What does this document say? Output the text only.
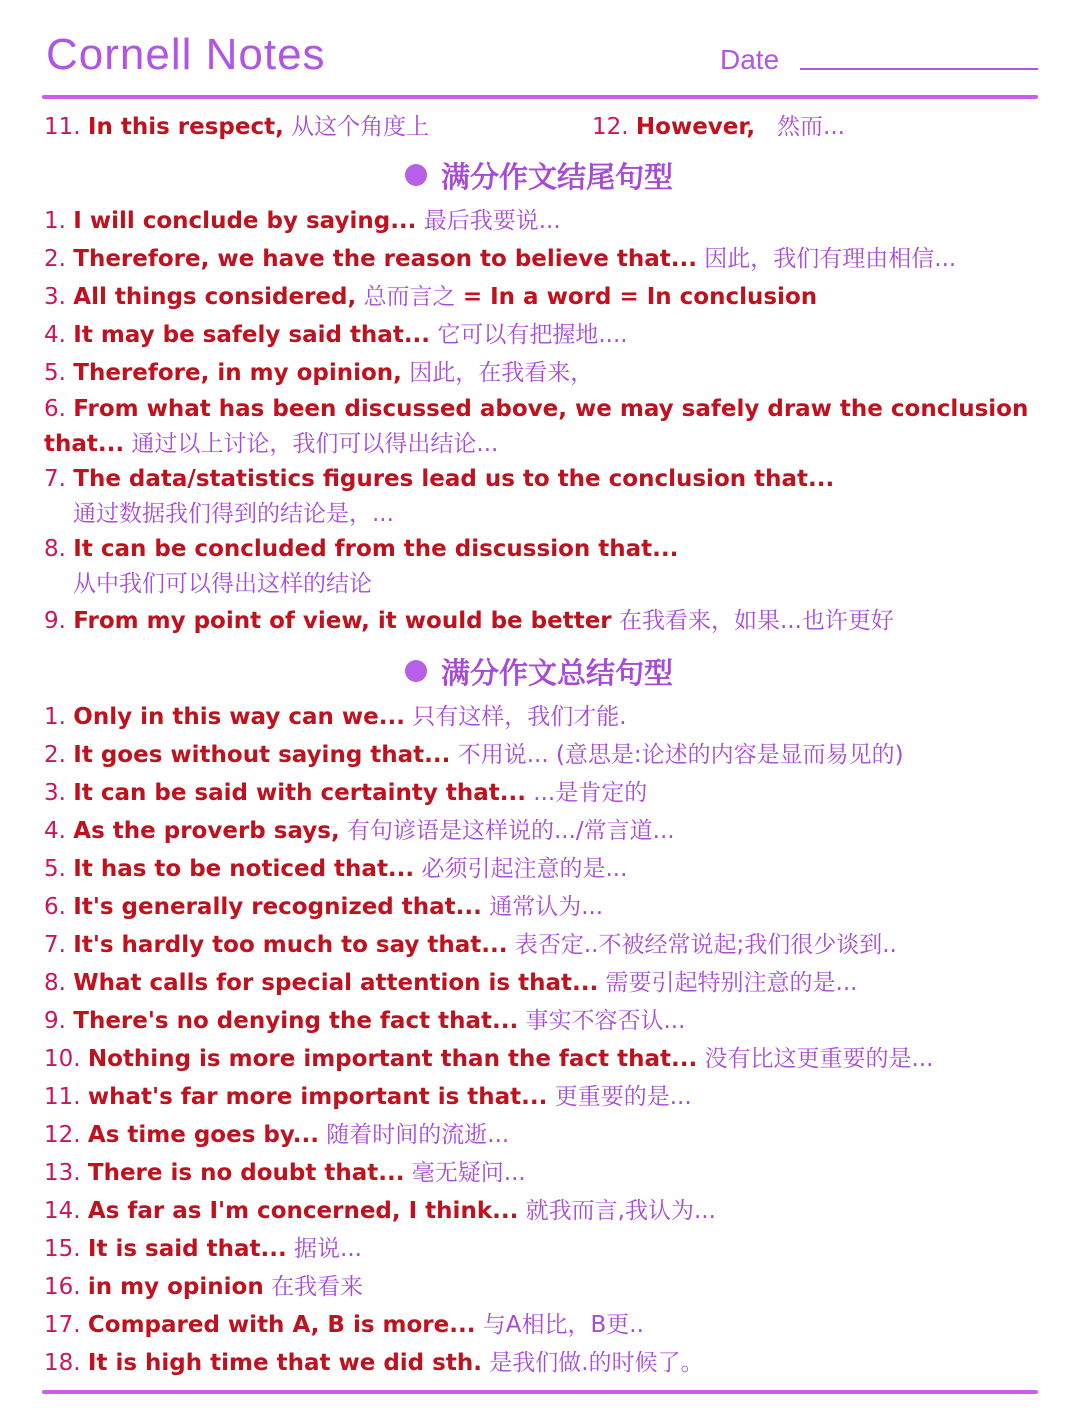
Cornell Notes	Date
11. In this respect, 从这个角度上	12. However, 然而...
满分作文结尾句型
1. I will conclude by saying... 最后我要说...
2. Therefore, we have the reason to believe that... 因此，我们有理由相信...
3. All things considered, 总而言之 = In a word = In conclusion
4. It may be safely said that... 它可以有把握地....
5. Therefore, in my opinion, 因此，在我看来，
6. From what has been discussed above, we may safely draw the conclusion that... 通过以上讨论，我们可以得出结论...
7. The data/statistics figures lead us to the conclusion that...
通过数据我们得到的结论是，...
8. It can be concluded from the discussion that...
从中我们可以得出这样的结论
9. From my point of view, it would be better 在我看来，如果...也许更好
满分作文总结句型
1. Only in this way can we... 只有这样，我们才能.
2. It goes without saying that... 不用说... (意思是:论述的内容是显而易见的)
3. It can be said with certainty that... ...是肯定的
4. As the proverb says, 有句谚语是这样说的.../常言道...
5. It has to be noticed that... 必须引起注意的是...
6. It's generally recognized that... 通常认为...
7. It's hardly too much to say that... 表否定..不被经常说起;我们很少谈到..
8. What calls for special attention is that... 需要引起特别注意的是...
9. There's no denying the fact that... 事实不容否认...
10. Nothing is more important than the fact that... 没有比这更重要的是...
11. what's far more important is that... 更重要的是...
12. As time goes by... 随着时间的流逝...
13. There is no doubt that... 毫无疑问...
14. As far as I'm concerned, I think... 就我而言,我认为...
15. It is said that... 据说...
16. in my opinion 在我看来
17. Compared with A, B is more... 与A相比，B更..
18. It is high time that we did sth. 是我们做.的时候了。
